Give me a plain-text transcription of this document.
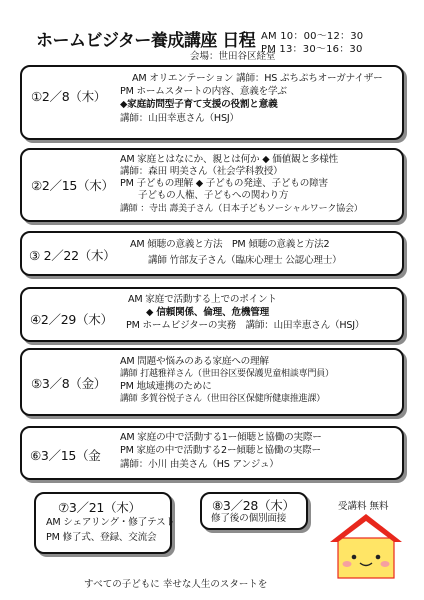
ホームビジター養成講座 日程 AM 10：00～12：30
PM 13：30～16：30
会場：世田谷区経堂
①2／8（木）
AM オリエンテーション 講師：HS ぷちぷちオーガナイザー
PM ホームスタートの内容、意義を学ぶ
◆家庭訪問型子育て支援の役割と意義
講師：山田幸恵さん（HSJ）
②2／15（木）
AM 家庭とはなにか、親とは何か ◆ 価値観と多様性
講師：森田 明美さん（社会学科教授）
PM 子どもの理解 ◆ 子どもの発達、子どもの障害
子どもの人権、子どもへの関わり方
講師 ：寺出 壽美子さん（日本子どもソーシャルワーク協会）
③ 2／22（木）
AM 傾聴の意義と方法　PM 傾聴の意義と方法2
講師 竹部友子さん（臨床心理士 公認心理士）
④2／29（木）
AM 家庭で活動する上でのポイント
◆ 信頼関係、倫理、危機管理
PM ホームビジターの実務　講師：山田幸恵さん（HSJ）
⑤3／8（金）
AM 問題や悩みのある家庭への理解
講師 打越雅祥さん（世田谷区要保護児童相談専門員）
PM 地域連携のために
講師 多賀谷悦子さん（世田谷区保健所健康推進課）
⑥3／15（金
AM 家庭の中で活動する1ー傾聴と協働の実際ー
PM 家庭の中で活動する2ー傾聴と協働の実際ー
講師：小川 由美さん（HS アンジュ）
⑦3／21（木）
AM シェアリング・修了テスト
PM 修了式、登録、交流会
⑧3／28（木）
修了後の個別面接
受講料 無料
すべての子どもに 幸せな人生のスタートを
